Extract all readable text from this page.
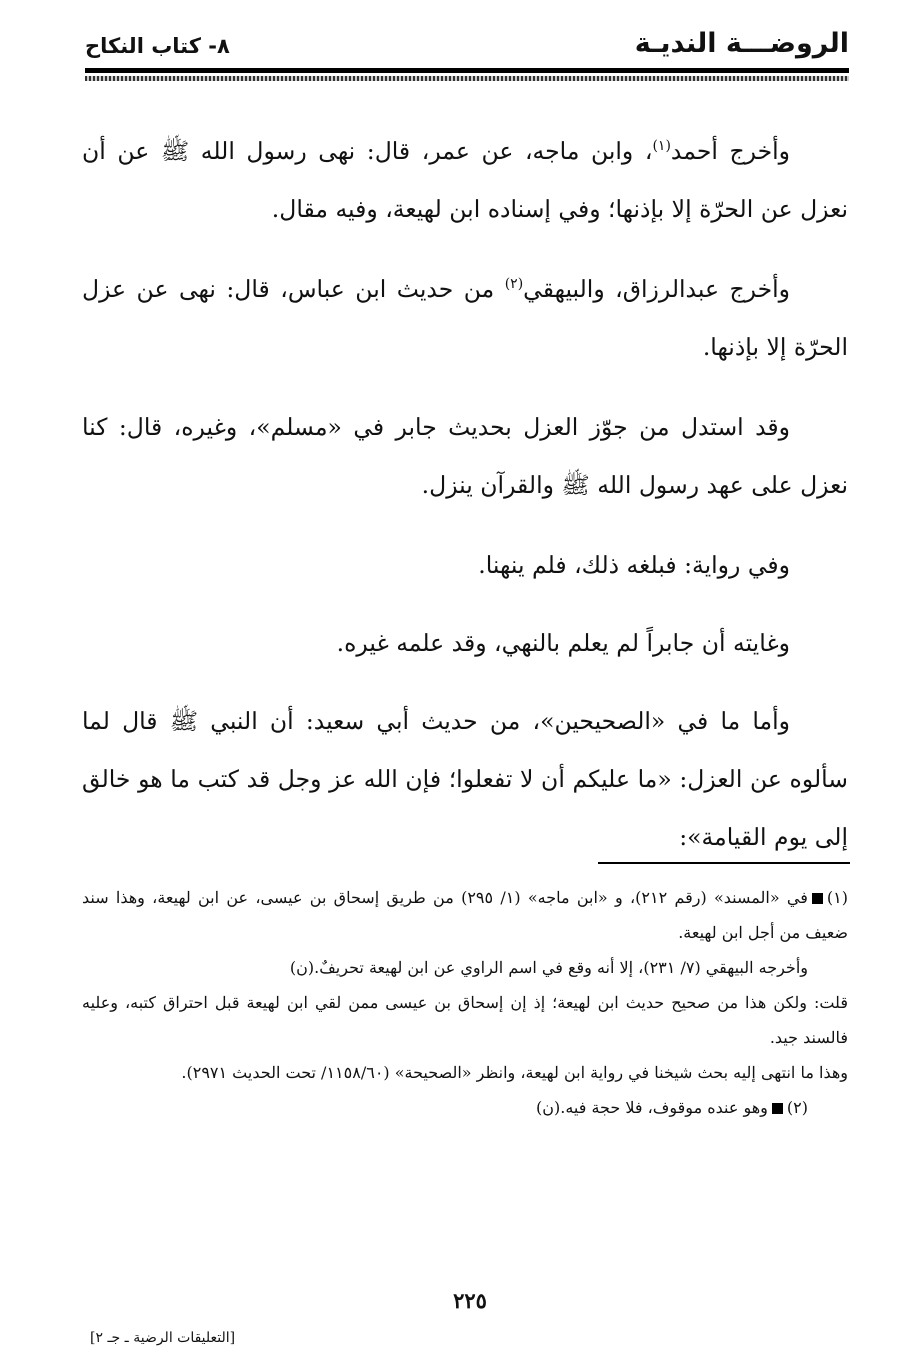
الروضـــة النديـة
٨- كتاب النكاح

وأخرج أحمد$^{(١)}$، وابن ماجه، عن عمر، قال: نهى رسول الله ﷺ عن أن نعزل عن الحرّة إلا بإذنها؛ وفي إسناده ابن لهيعة، وفيه مقال.

وأخرج عبدالرزاق، والبيهقي$^{(٢)}$ من حديث ابن عباس، قال: نهى عن عزل الحرّة إلا بإذنها.

وقد استدل من جوّز العزل بحديث جابر في «مسلم»، وغيره، قال: كنا نعزل على عهد رسول الله ﷺ والقرآن ينزل.

وفي رواية: فبلغه ذلك، فلم ينهنا.

وغايته أن جابراً لم يعلم بالنهي، وقد علمه غيره.

وأما ما في «الصحيحين»، من حديث أبي سعيد: أن النبي ﷺ قال لما سألوه عن العزل: «ما عليكم أن لا تفعلوا؛ فإن الله عز وجل قد كتب ما هو خالق إلى يوم القيامة»:

(١)في «المسند» (رقم ٢١٢)، و «ابن ماجه» (١/ ٢٩٥) من طريق إسحاق بن عيسى، عن ابن لهيعة، وهذا سند ضعيف من أجل ابن لهيعة.

وأخرجه البيهقي (٧/ ٢٣١)، إلا أنه وقع في اسم الراوي عن ابن لهيعة تحريفٌ.(ن)

قلت: ولكن هذا من صحيح حديث ابن لهيعة؛ إذ إن إسحاق بن عيسى ممن لقي ابن لهيعة قبل احتراق كتبه، وعليه فالسند جيد.

وهذا ما انتهى إليه بحث شيخنا في رواية ابن لهيعة، وانظر «الصحيحة» (١١٥٨/٦٠/ تحت الحديث ٢٩٧١).

(٢)وهو عنده موقوف، فلا حجة فيه.(ن)

٢٢٥
[التعليقات الرضية ـ جـ ٢]
